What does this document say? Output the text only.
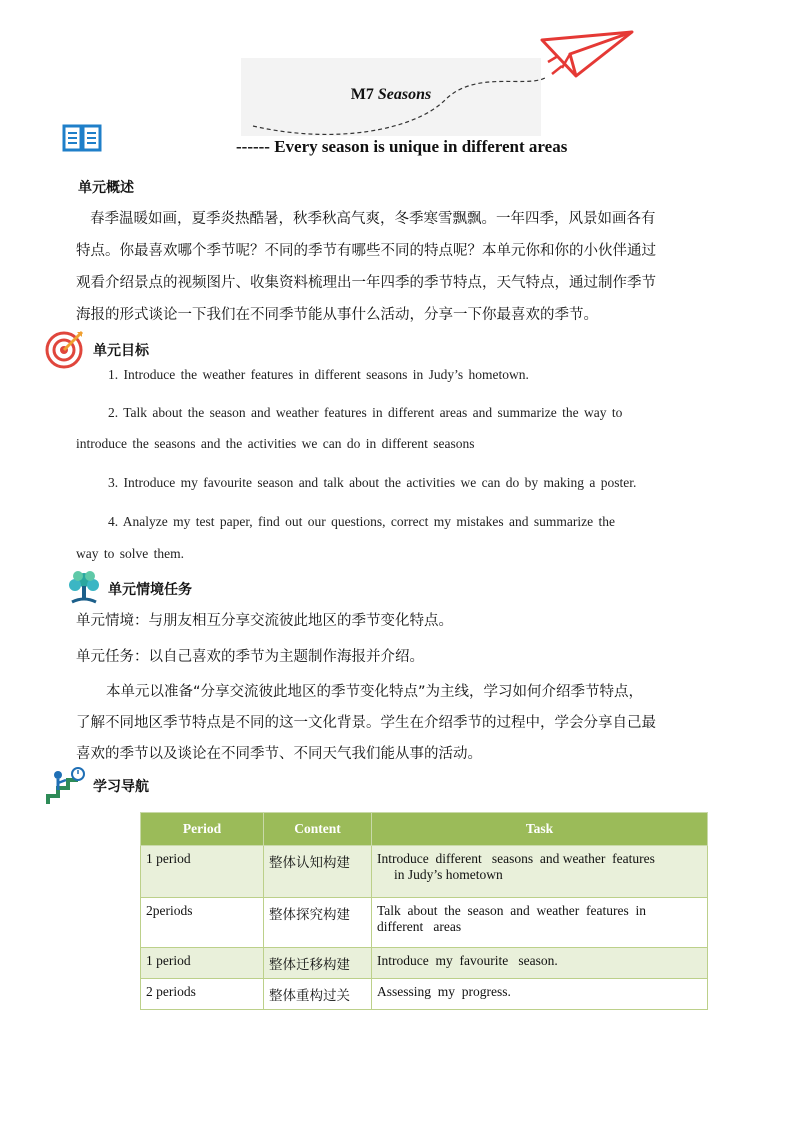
M7 Seasons
------ Every season is unique in different areas
单元概述
春季温暖如画，夏季炎热酷暑，秋季秋高气爽，冬季寒雪飘飘。一年四季，风景如画各有
特点。你最喜欢哪个季节呢？不同的季节有哪些不同的特点呢？本单元你和你的小伙伴通过
观看介绍景点的视频图片、收集资料梳理出一年四季的季节特点，天气特点，通过制作季节
海报的形式谈论一下我们在不同季节能从事什么活动，分享一下你最喜欢的季节。
单元目标
1. Introduce the weather features in different seasons in Judy’s hometown.
2. Talk about the season and weather features in different areas and summarize the way to
introduce the seasons and the activities we can do in different seasons
3. Introduce my favourite season and talk about the activities we can do by making a poster.
4. Analyze my test paper, find out our questions, correct my mistakes and summarize the
way to solve them.
单元情境任务
单元情境：与朋友相互分享交流彼此地区的季节变化特点。
单元任务：以自己喜欢的季节为主题制作海报并介绍。
本单元以准备“分享交流彼此地区的季节变化特点”为主线，学习如何介绍季节特点，
了解不同地区季节特点是不同的这一文化背景。学生在介绍季节的过程中，学会分享自己最
喜欢的季节以及谈论在不同季节、不同天气我们能从事的活动。
学习导航
Period	Content	Task
1 period	整体认知构建	Introduce  different   seasons  and weather  features
in Judy’s hometown

2periods	整体探究构建	Talk  about  the  season  and  weather  features  in
different   areas

1 period	整体迁移构建	Introduce  my  favourite   season.

2 periods	整体重构过关	Assessing  my  progress.
